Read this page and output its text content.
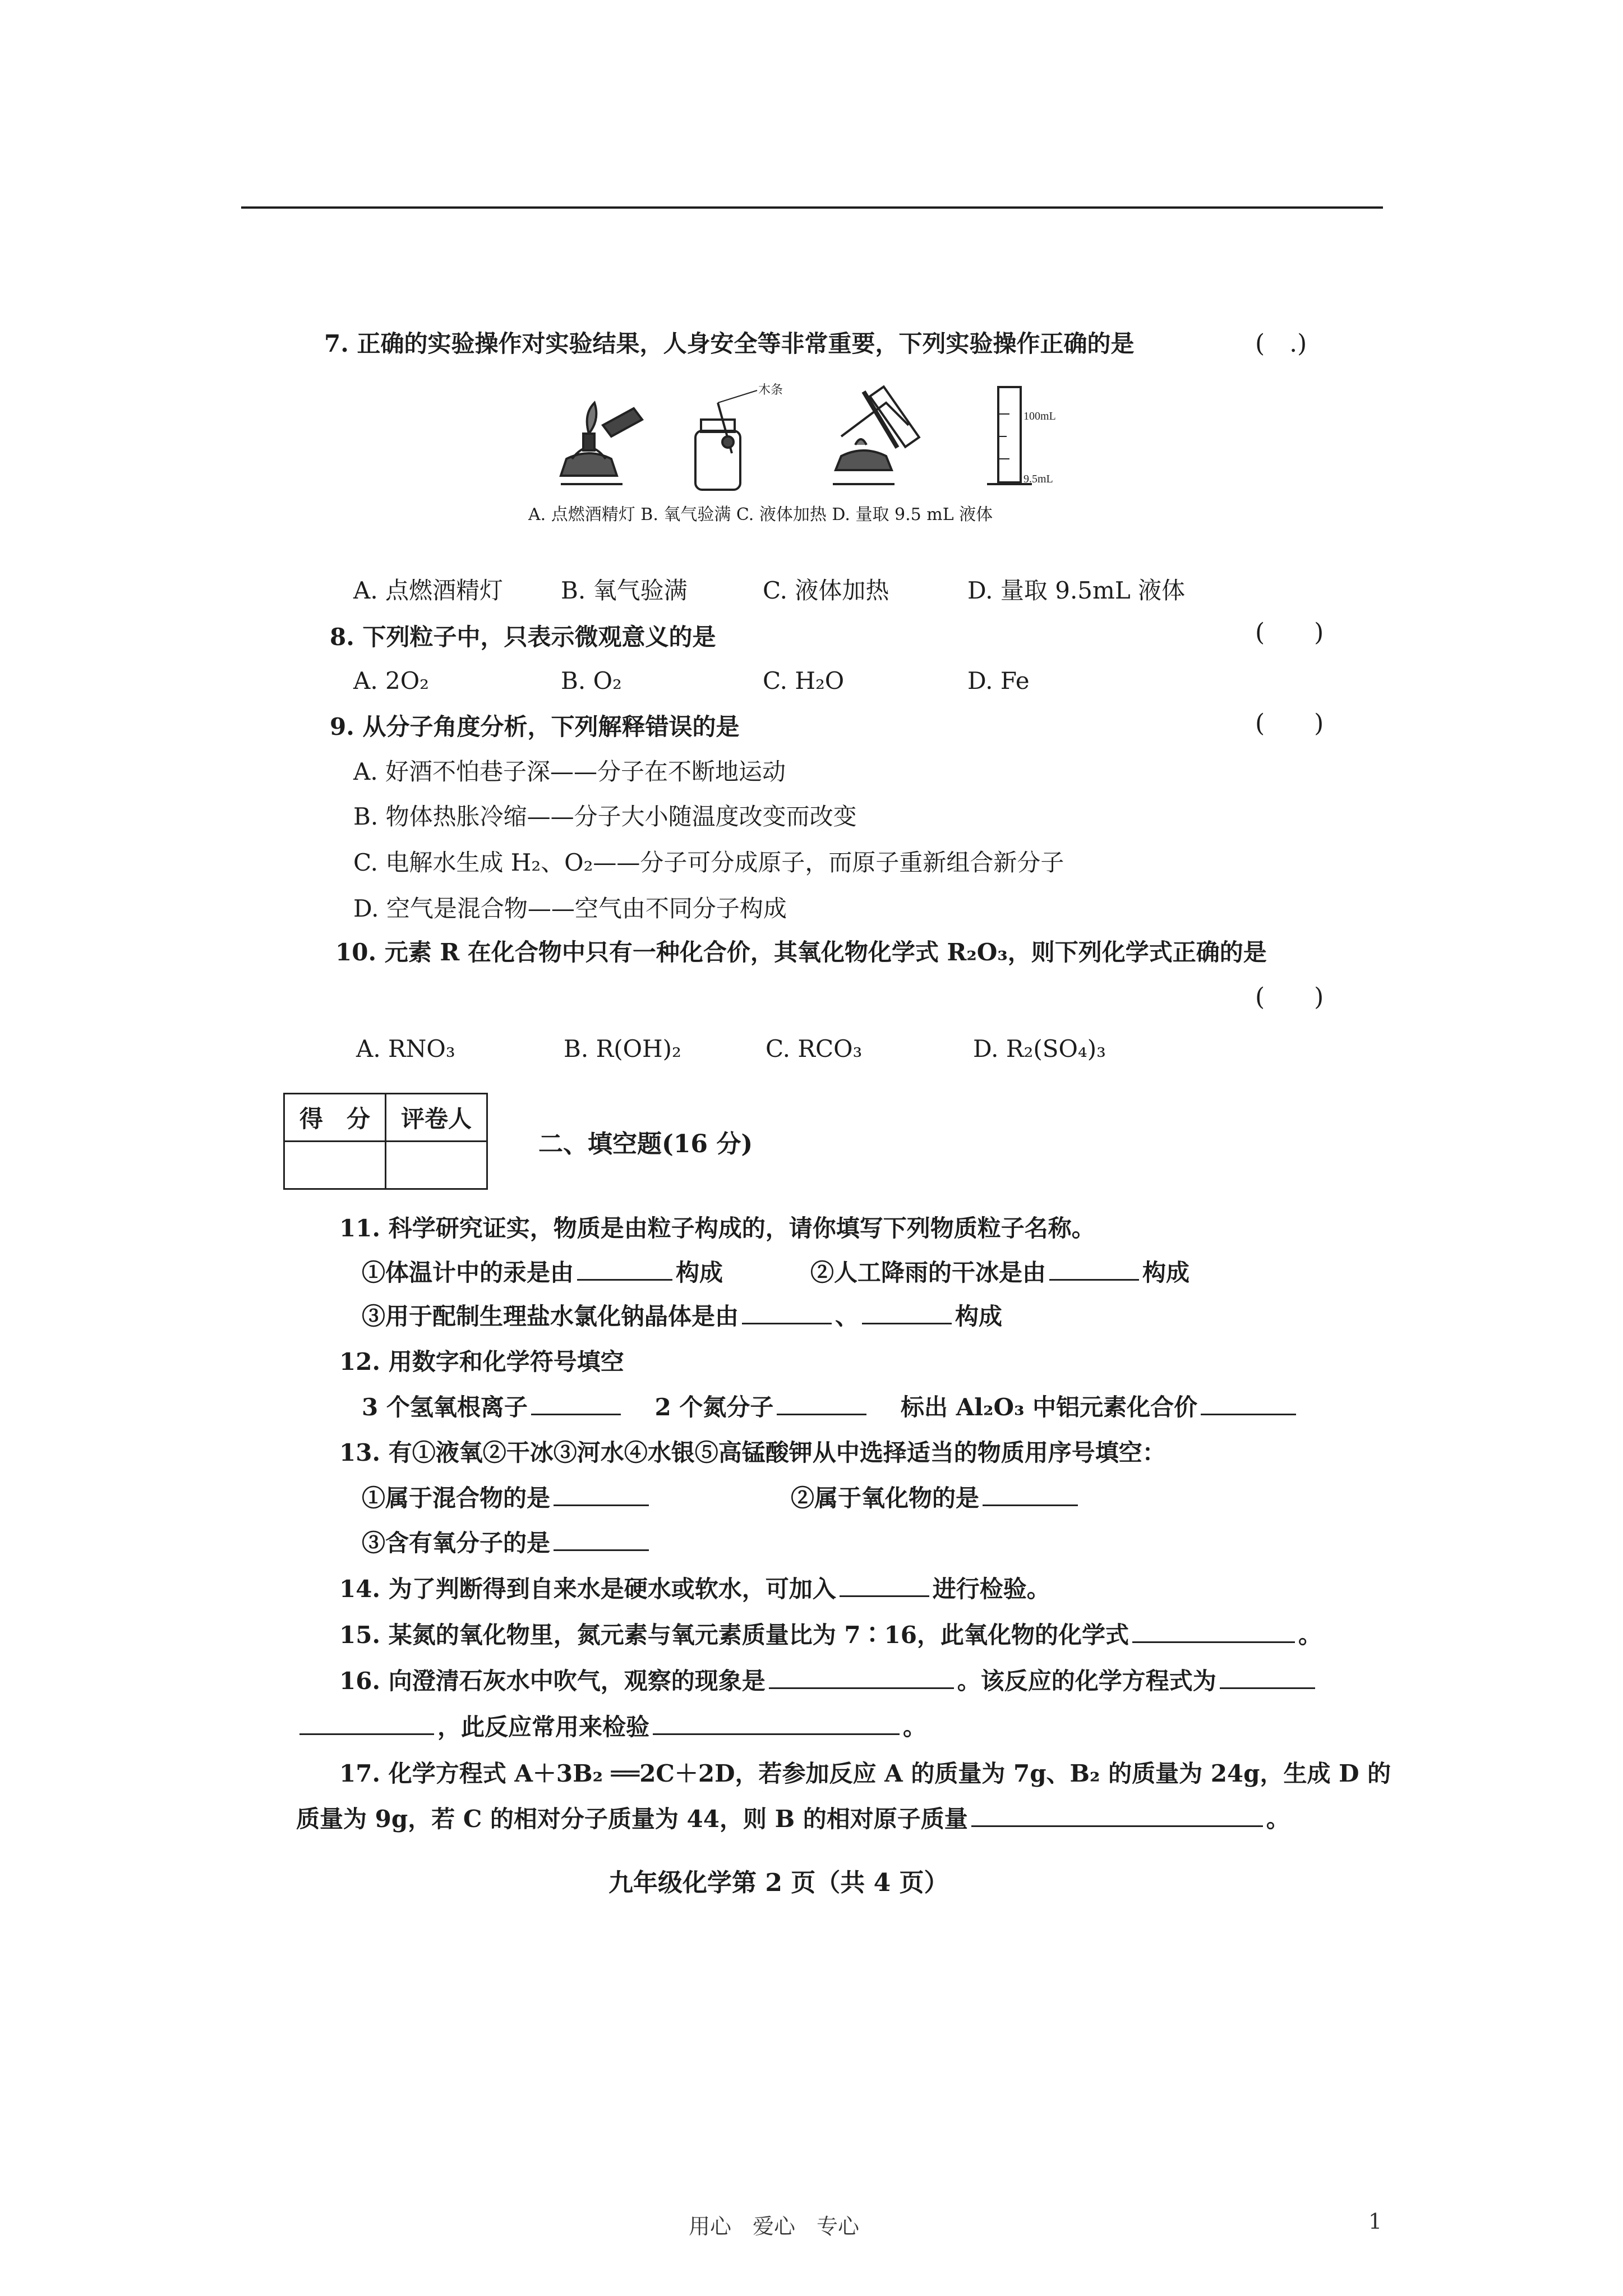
7. 正确的实验操作对实验结果，人身安全等非常重要，下列实验操作正确的是	(　.)
木条
100mL
9.5mL
A. 点燃酒精灯 B. 氧气验满 C. 液体加热 D. 量取 9.5 mL 液体
A. 点燃酒精灯 B. 氧气验满	C. 液体加热	D. 量取 9.5mL 液体
8. 下列粒子中，只表示微观意义的是	(　　)
A. 2O₂	B. O₂	C. H₂O	D. Fe
9. 从分子角度分析，下列解释错误的是	(　　)
A. 好酒不怕巷子深——分子在不断地运动
B. 物体热胀冷缩——分子大小随温度改变而改变
C. 电解水生成 H₂、O₂——分子可分成原子，而原子重新组合新分子
D. 空气是混合物——空气由不同分子构成
10. 元素 R 在化合物中只有一种化合价，其氧化物化学式 R₂O₃，则下列化学式正确的是
(　　)
A. RNO₃	B. R(OH)₂	C. RCO₃	D. R₂(SO₄)₃
得　分	评卷人

二、填空题(16 分)
11. 科学研究证实，物质是由粒子构成的，请你填写下列物质粒子名称。
①体温计中的汞是由	构成	②人工降雨的干冰是由	构成
③用于配制生理盐水氯化钠晶体是由	、	构成
12. 用数字和化学符号填空
3 个氢氧根离子	2 个氮分子	标出 Al₂O₃ 中铝元素化合价
13. 有①液氧②干冰③河水④水银⑤高锰酸钾从中选择适当的物质用序号填空：
①属于混合物的是	②属于氧化物的是
③含有氧分子的是
14. 为了判断得到自来水是硬水或软水，可加入	进行检验。
15. 某氮的氧化物里，氮元素与氧元素质量比为 7∶16，此氧化物的化学式	。
16. 向澄清石灰水中吹气，观察的现象是	。该反应的化学方程式为
，此反应常用来检验	。
17. 化学方程式 A＋3B₂ ══2C＋2D，若参加反应 A 的质量为 7g、B₂ 的质量为 24g，生成 D 的
质量为 9g，若 C 的相对分子质量为 44，则 B 的相对原子质量	。
九年级化学第 2 页（共 4 页）
用心　爱心　专心	1
